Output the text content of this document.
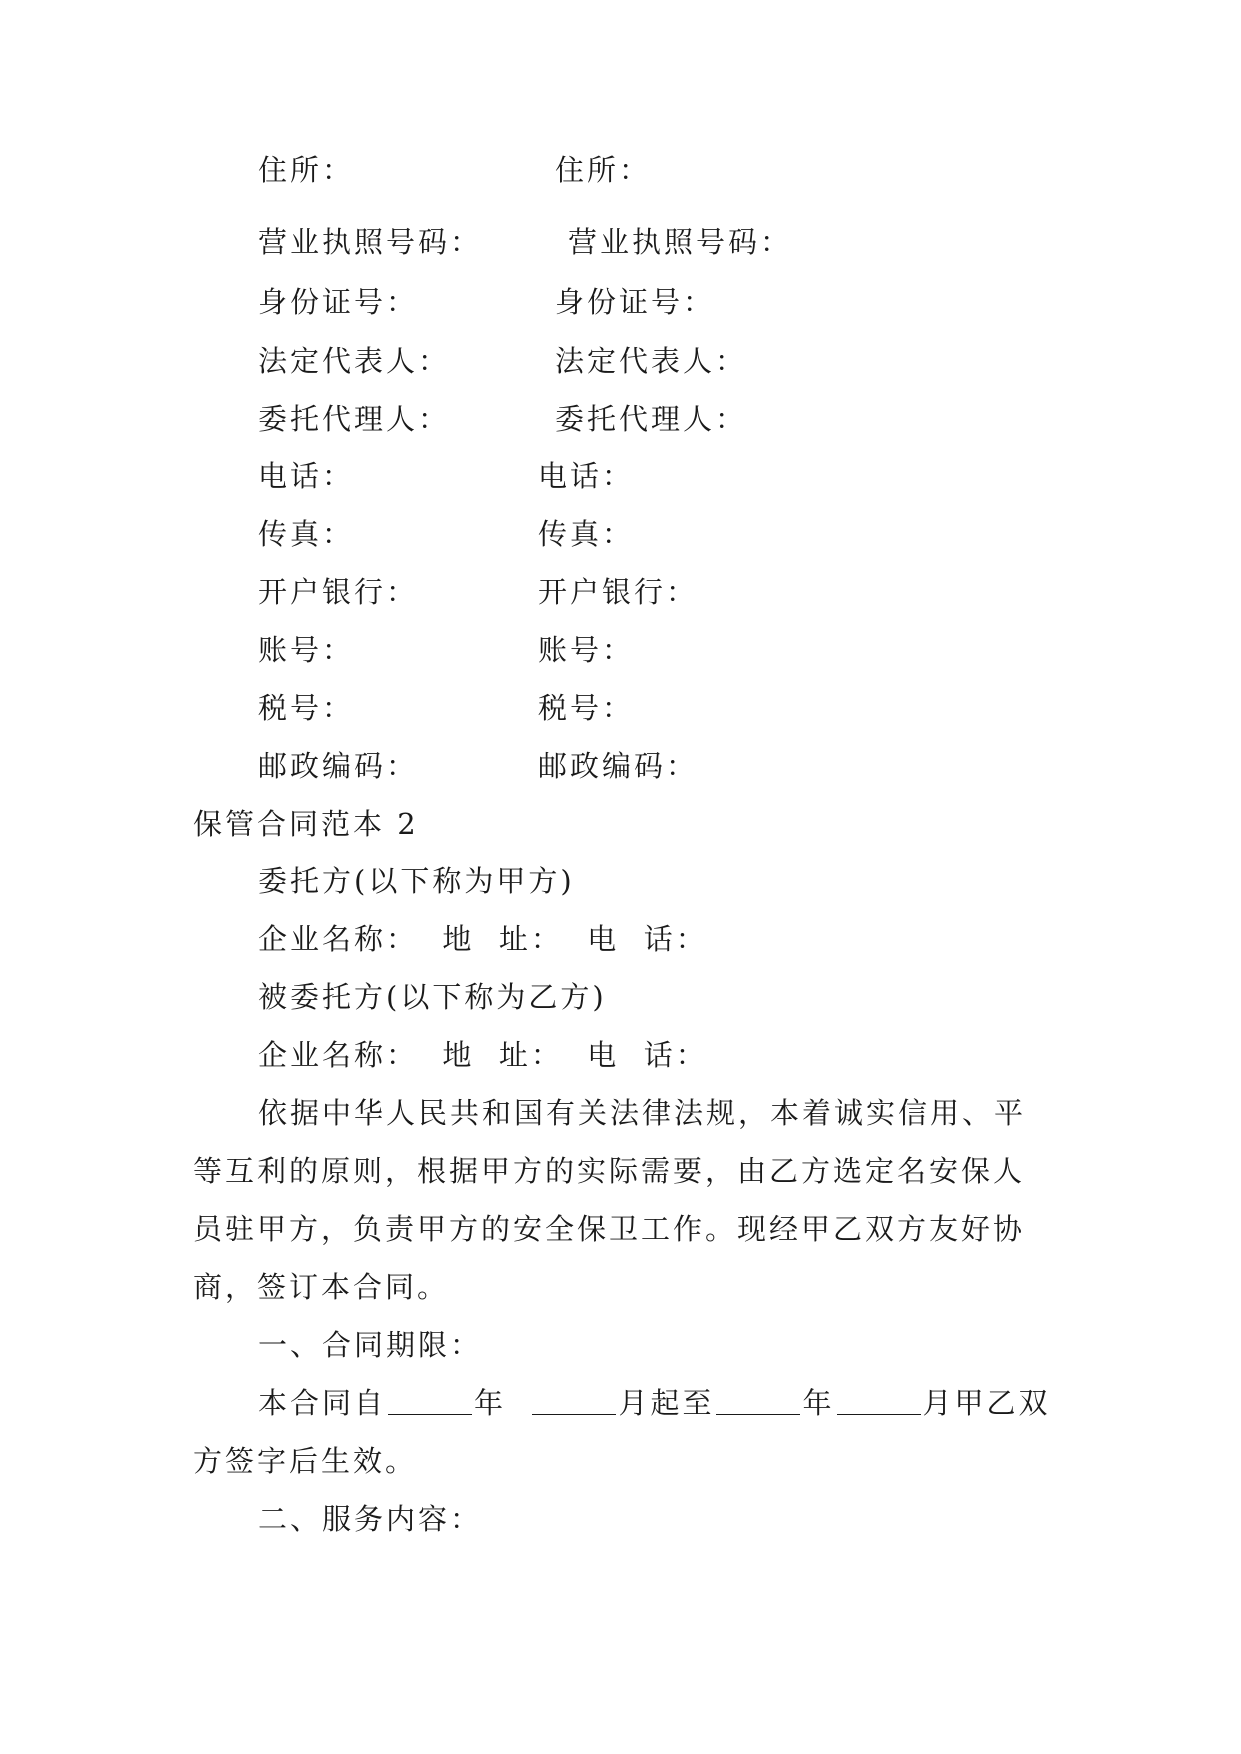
住所：	住所：
营业执照号码：	营业执照号码：
身份证号：	身份证号：
法定代表人：	法定代表人：
委托代理人：	委托代理人：
电话：	电话：
传真：	传真：
开户银行：	开户银行：
账号：	账号：
税号：	税号：
邮政编码：	邮政编码：
保管合同范本 2
委托方(以下称为甲方)
企业名称：  地  址：  电  话：
被委托方(以下称为乙方)
企业名称：  地  址：  电  话：
依据中华人民共和国有关法律法规，本着诚实信用、平
等互利的原则，根据甲方的实际需要，由乙方选定名安保人
员驻甲方，负责甲方的安全保卫工作。现经甲乙双方友好协
商，签订本合同。
一、合同期限：
本合同自	年	月起至	年	月甲乙双
方签字后生效。
二、服务内容：
